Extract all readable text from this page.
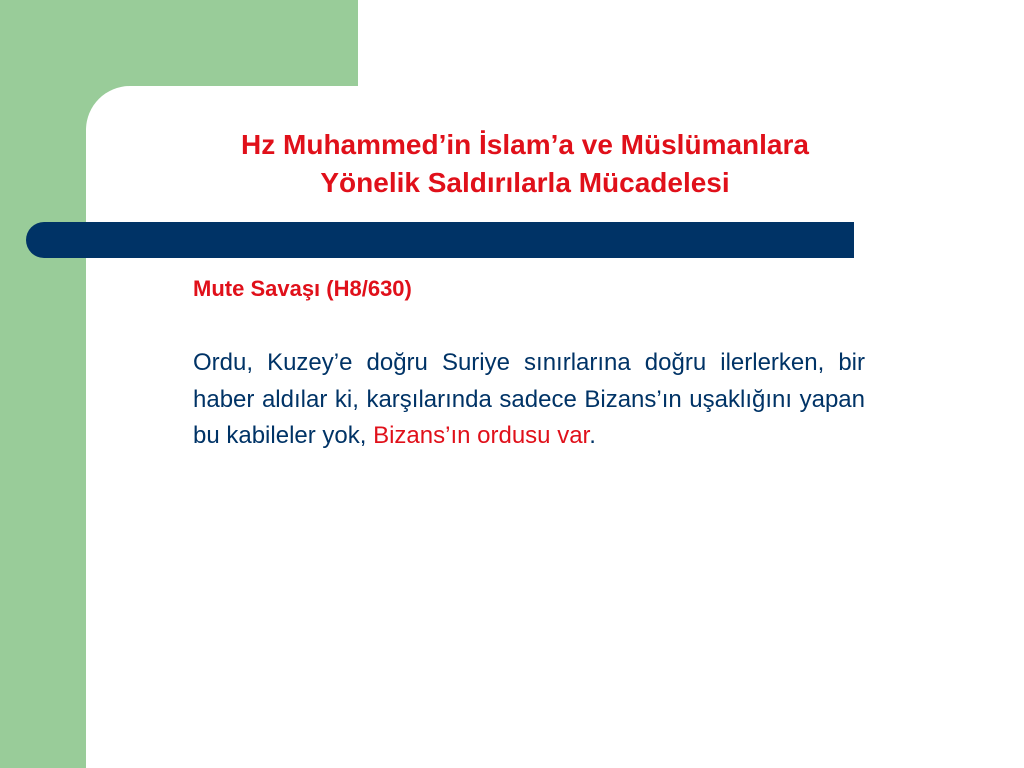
Hz Muhammed’in İslam’a ve Müslümanlara
Yönelik Saldırılarla Mücadelesi
Mute Savaşı (H8/630)
Ordu, Kuzey’e doğru Suriye sınırlarına doğru ilerlerken, bir haber aldılar ki, karşılarında sadece Bizans’ın uşaklığını yapan bu kabileler yok, Bizans’ın ordusu var.
